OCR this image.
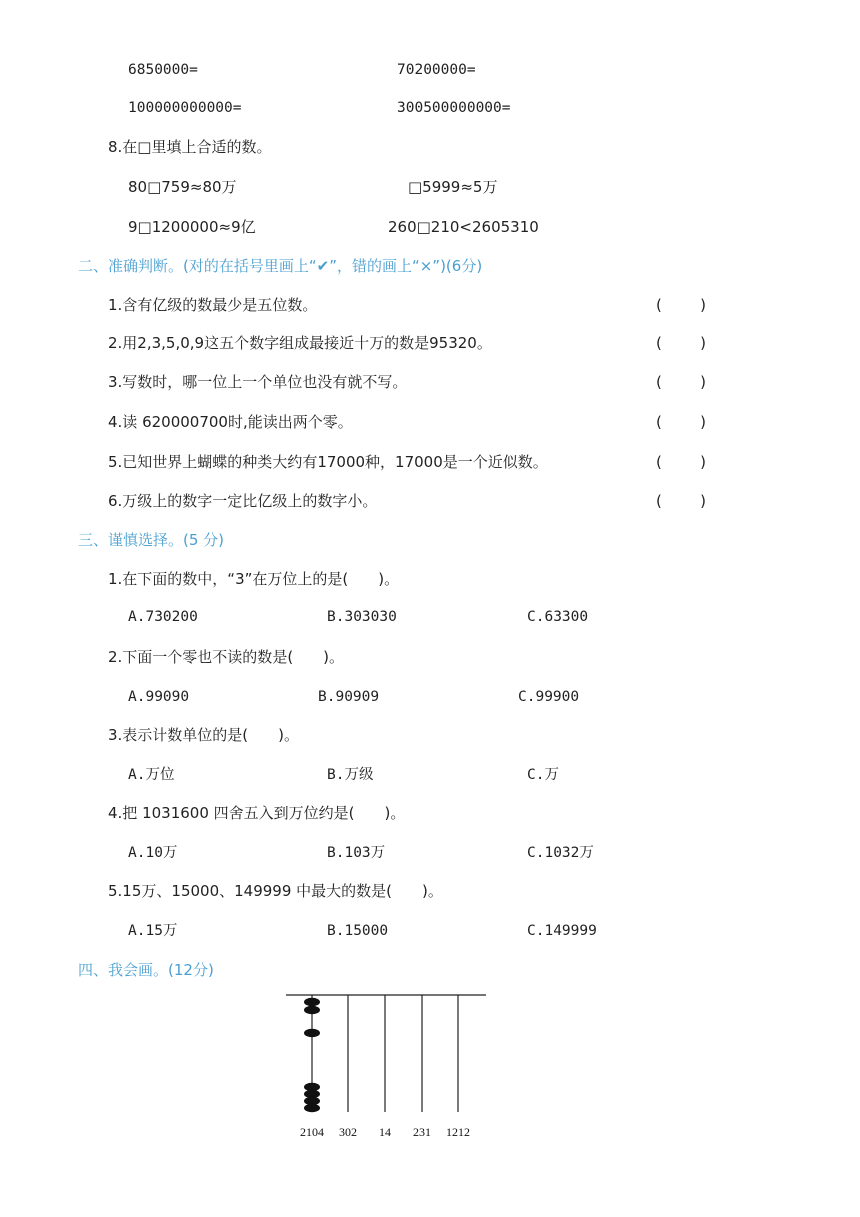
6850000=	70200000=
100000000000=	300500000000=
8.在□里填上合适的数。
80□759≈80万	□5999≈5万
9□1200000≈9亿	260□210<2605310
二、准确判断。(对的在括号里画上“✔”，错的画上“×”)(6分)
1.含有亿级的数最少是五位数。	(	)
2.用2,3,5,0,9这五个数字组成最接近十万的数是95320。	(	)
3.写数时，哪一位上一个单位也没有就不写。	(	)
4.读 620000700时,能读出两个零。	(	)
5.已知世界上蝴蝶的种类大约有17000种，17000是一个近似数。	(	)
6.万级上的数字一定比亿级上的数字小。	(	)
三、谨慎选择。(5 分)
1.在下面的数中，“3”在万位上的是(　　)。
A.730200	B.303030	C.63300
2.下面一个零也不读的数是(　　)。
A.99090	B.90909	C.99900
3.表示计数单位的是(　　)。
A.万位	B.万级	C.万
4.把 1031600 四舍五入到万位约是(　　)。
A.10万	B.103万	C.1032万
5.15万、15000、149999 中最大的数是(　　)。
A.15万	B.15000	C.149999
四、我会画。(12分)
2104 302 14 231 1212
